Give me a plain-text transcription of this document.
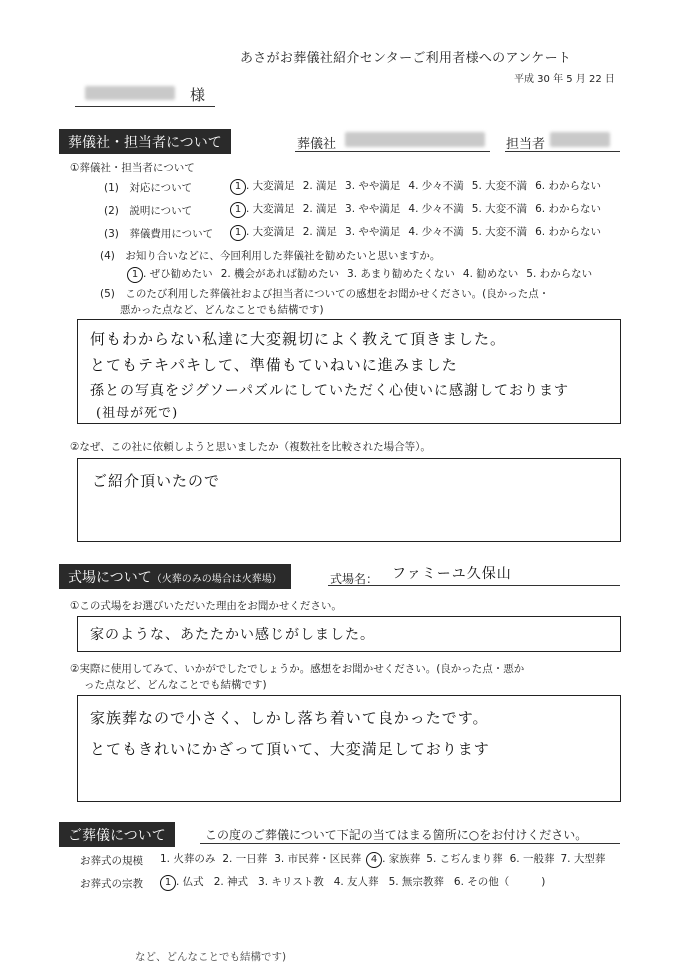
あさがお葬儀社紹介センターご利用者様へのアンケート
平成 30 年 5 月 22 日
様
葬儀社・担当者について	葬儀社	担当者
①葬儀社・担当者について
(1)　対応について	1 . 大変満足 2. 満足 3. やや満足 4. 少々不満 5. 大変不満 6. わからない
(2)　説明について	1 . 大変満足 2. 満足 3. やや満足 4. 少々不満 5. 大変不満 6. わからない
(3)　葬儀費用について	1 . 大変満足 2. 満足 3. やや満足 4. 少々不満 5. 大変不満 6. わからない
(4)　お知り合いなどに、今回利用した葬儀社を勧めたいと思いますか。
1 . ぜひ勧めたい 2. 機会があれば勧めたい 3. あまり勧めたくない 4. 勧めない 5. わからない
(5)　このたび利用した葬儀社および担当者についての感想をお聞かせください。(良かった点・
悪かった点など、どんなことでも結構です)
何もわからない私達に大変親切によく教えて頂きました。
とてもテキパキして、準備もていねいに進みました
孫との写真をジグソーパズルにしていただく心使いに感謝しております
(祖母が死で)
②なぜ、この社に依頼しようと思いましたか（複数社を比較された場合等）。
ご紹介頂いたので
式場について（火葬のみの場合は火葬場）	式場名： ファミーユ久保山
①この式場をお選びいただいた理由をお聞かせください。
家のような、あたたかい感じがしました。
②実際に使用してみて、いかがでしたでしょうか。感想をお聞かせください。(良かった点・悪か
った点など、どんなことでも結構です)
家族葬なので小さく、しかし落ち着いて良かったです。
とてもきれいにかざって頂いて、大変満足しております
ご葬儀について	この度のご葬儀について下記の当てはまる箇所に○をお付けください。
お葬式の規模 1. 火葬のみ 2. 一日葬 3. 市民葬・区民葬 4 . 家族葬 5. こぢんまり葬 6. 一般葬 7. 大型葬
お葬式の宗教	1 . 仏式 2. 神式 3. キリスト教 4. 友人葬 5. 無宗教葬 6. その他（	)
など、どんなことでも結構です)
